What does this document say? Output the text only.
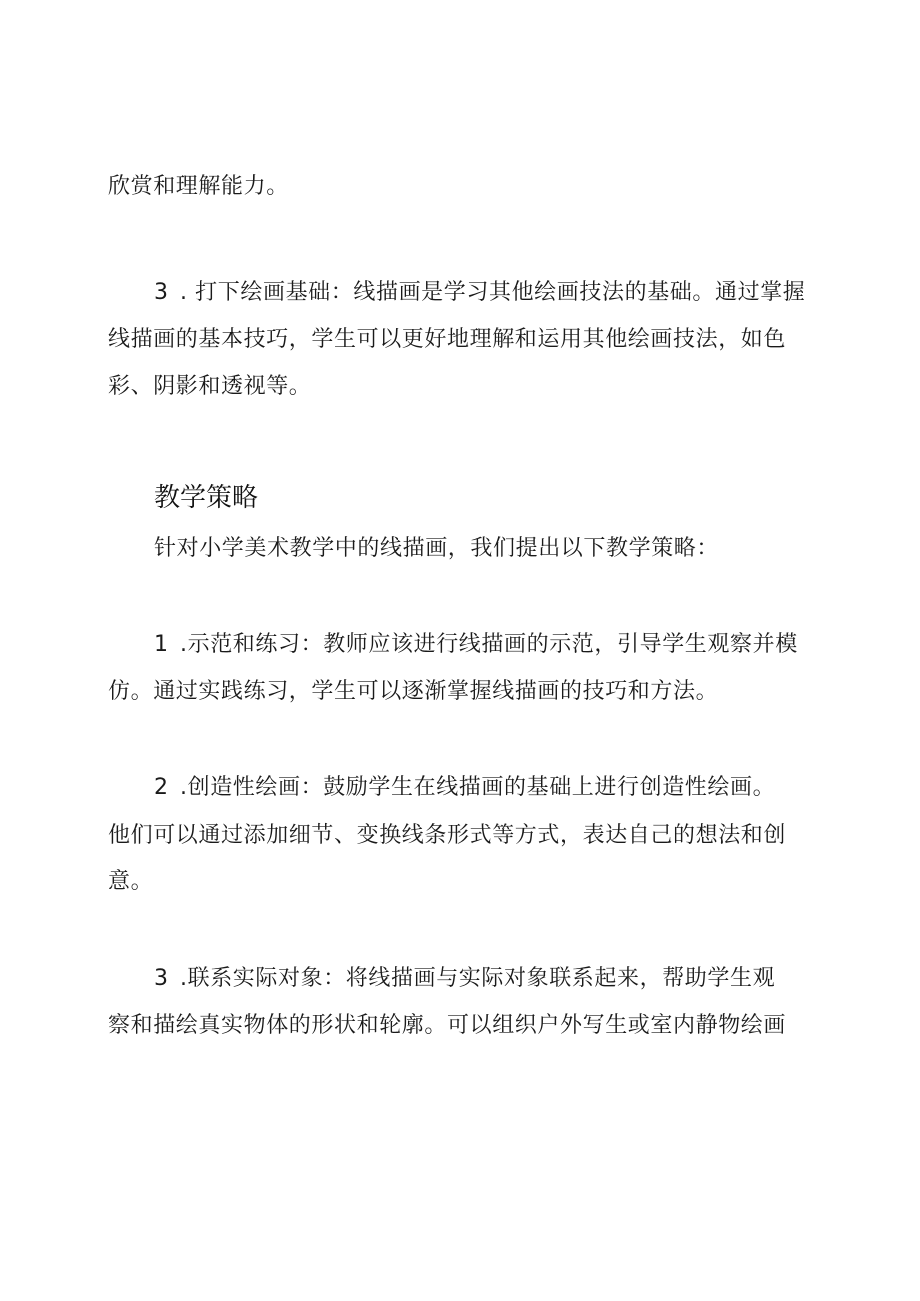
欣赏和理解能力。
3 . 打下绘画基础：线描画是学习其他绘画技法的基础。通过掌握
线描画的基本技巧，学生可以更好地理解和运用其他绘画技法，如色
彩、阴影和透视等。
教学策略
针对小学美术教学中的线描画，我们提出以下教学策略：
1 .示范和练习：教师应该进行线描画的示范，引导学生观察并模
仿。通过实践练习，学生可以逐渐掌握线描画的技巧和方法。
2 .创造性绘画：鼓励学生在线描画的基础上进行创造性绘画。
他们可以通过添加细节、变换线条形式等方式，表达自己的想法和创
意。
3 .联系实际对象：将线描画与实际对象联系起来，帮助学生观
察和描绘真实物体的形状和轮廓。可以组织户外写生或室内静物绘画
